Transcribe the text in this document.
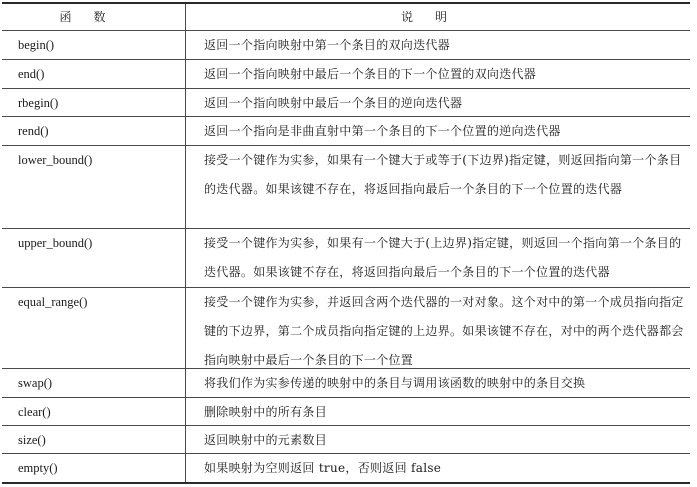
函数	说明
begin()	返回一个指向映射中第一个条目的双向迭代器
end()	返回一个指向映射中最后一个条目的下一个位置的双向迭代器
rbegin()	返回一个指向映射中最后一个条目的逆向迭代器
rend()	返回一个指向是非曲直射中第一个条目的下一个位置的逆向迭代器
lower_bound()	接受一个键作为实参，如果有一个键大于或等于(下边界)指定键，则返回指向第一个条目的迭代器。如果该键不存在，将返回指向最后一个条目的下一个位置的迭代器
upper_bound()	接受一个键作为实参，如果有一个键大于(上边界)指定键，则返回一个指向第一个条目的迭代器。如果该键不存在，将返回指向最后一个条目的下一个位置的迭代器
equal_range()	接受一个键作为实参，并返回含两个迭代器的一对对象。这个对中的第一个成员指向指定键的下边界，第二个成员指向指定键的上边界。如果该键不存在，对中的两个迭代器都会指向映射中最后一个条目的下一个位置
swap()	将我们作为实参传递的映射中的条目与调用该函数的映射中的条目交换
clear()	删除映射中的所有条目
size()	返回映射中的元素数目
empty()	如果映射为空则返回 true，否则返回 false
